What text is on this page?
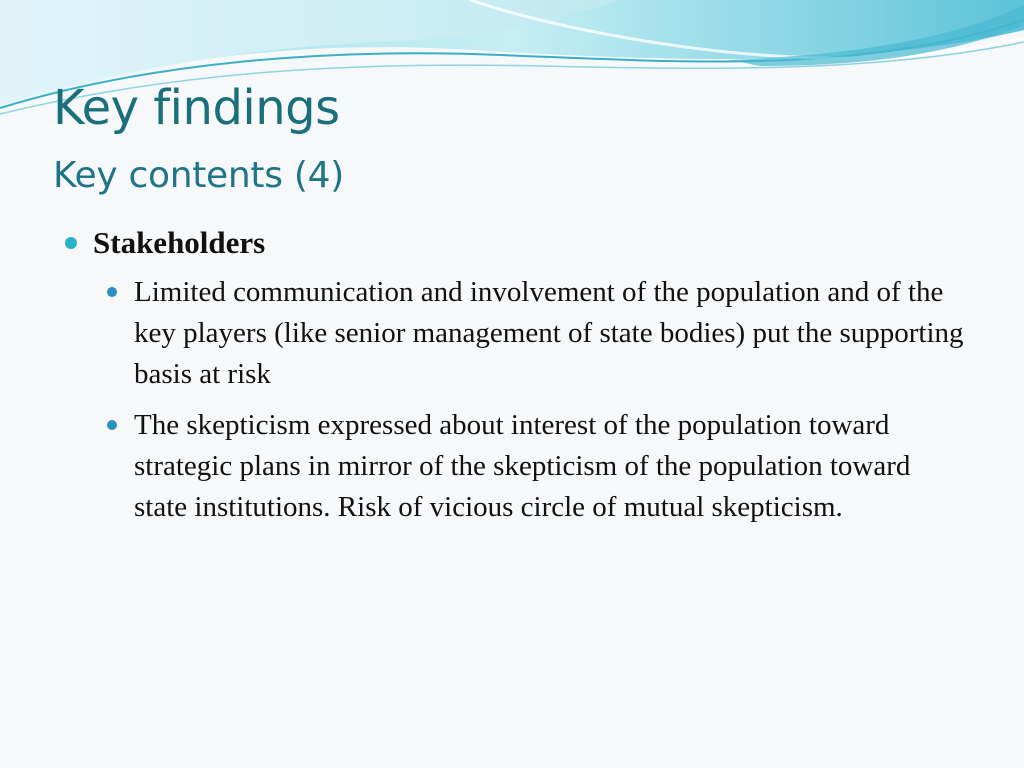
Key findings
Key contents (4)
Stakeholders
Limited communication and involvement of the population and of the key players (like senior management of state bodies) put the supporting basis at risk
The skepticism expressed about interest of the population toward strategic plans in mirror of the skepticism of the population toward state institutions. Risk of vicious circle of mutual skepticism.
